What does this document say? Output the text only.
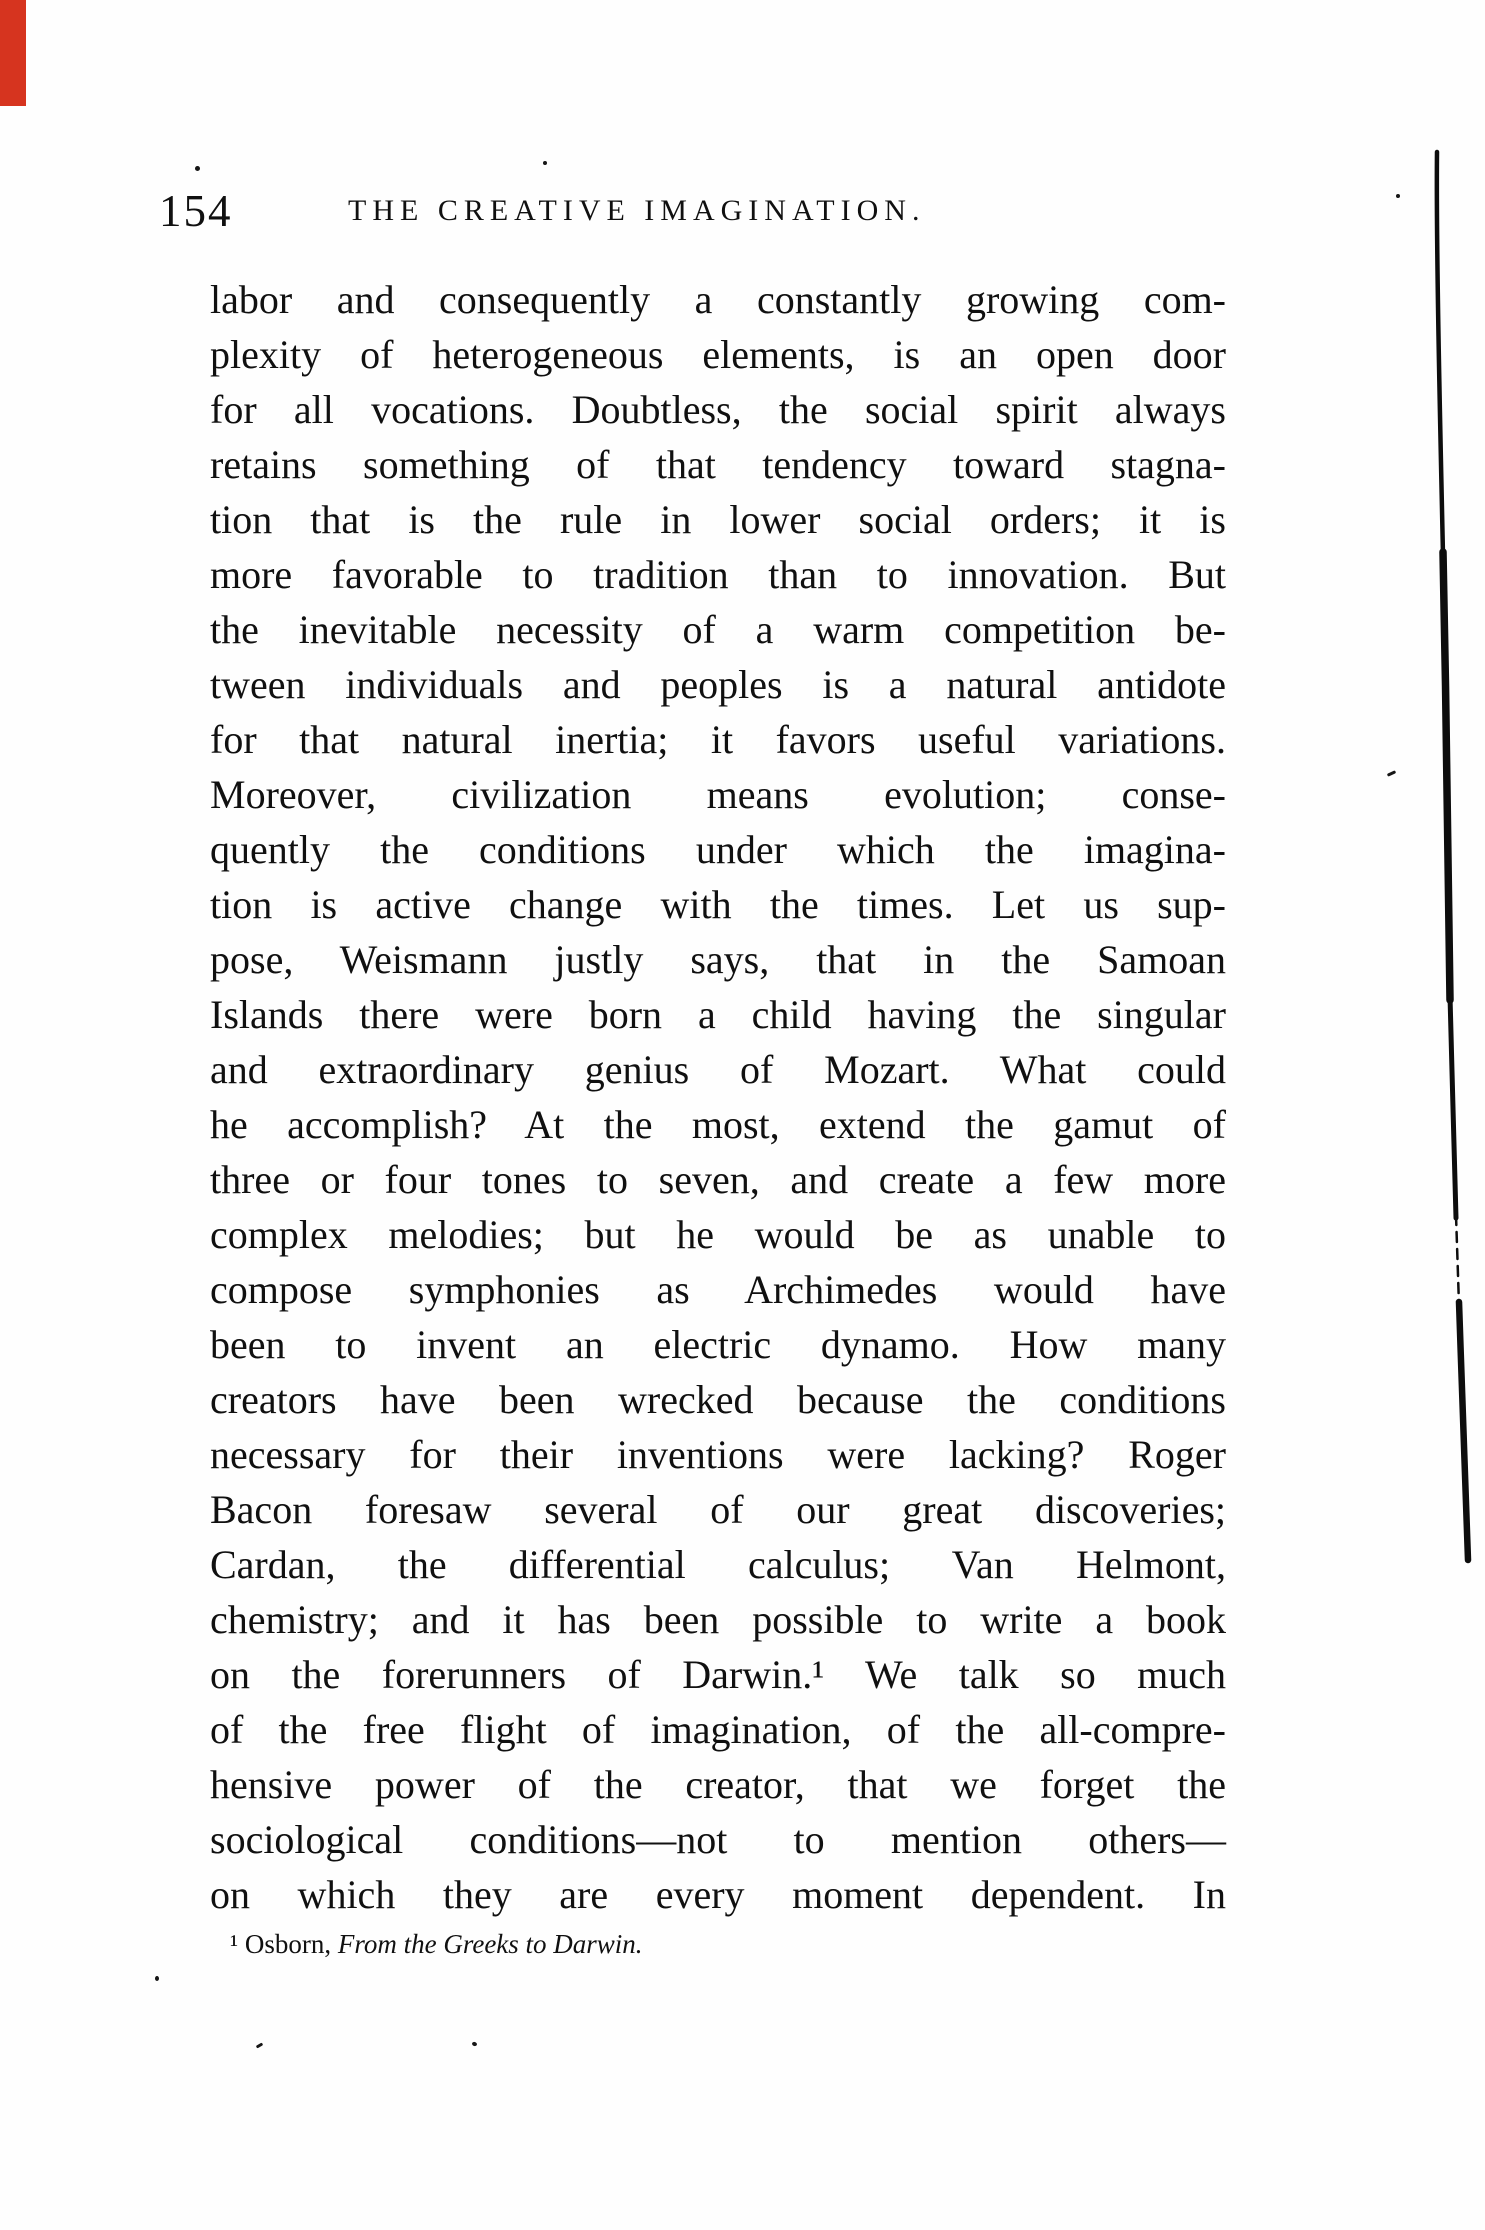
154	THE CREATIVE IMAGINATION.
labor and consequently a constantly growing com-
plexity of heterogeneous elements, is an open door
for all vocations. Doubtless, the social spirit always
retains something of that tendency toward stagna-
tion that is the rule in lower social orders; it is
more favorable to tradition than to innovation. But
the inevitable necessity of a warm competition be-
tween individuals and peoples is a natural antidote
for that natural inertia; it favors useful variations.
Moreover, civilization means evolution; conse-
quently the conditions under which the imagina-
tion is active change with the times. Let us sup-
pose, Weismann justly says, that in the Samoan
Islands there were born a child having the singular
and extraordinary genius of Mozart. What could
he accomplish? At the most, extend the gamut of
three or four tones to seven, and create a few more
complex melodies; but he would be as unable to
compose symphonies as Archimedes would have
been to invent an electric dynamo. How many
creators have been wrecked because the conditions
necessary for their inventions were lacking? Roger
Bacon foresaw several of our great discoveries;
Cardan, the differential calculus; Van Helmont,
chemistry; and it has been possible to write a book
on the forerunners of Darwin.¹ We talk so much
of the free flight of imagination, of the all-compre-
hensive power of the creator, that we forget the
sociological conditions—not to mention others—
on which they are every moment dependent. In
¹ Osborn, From the Greeks to Darwin.
